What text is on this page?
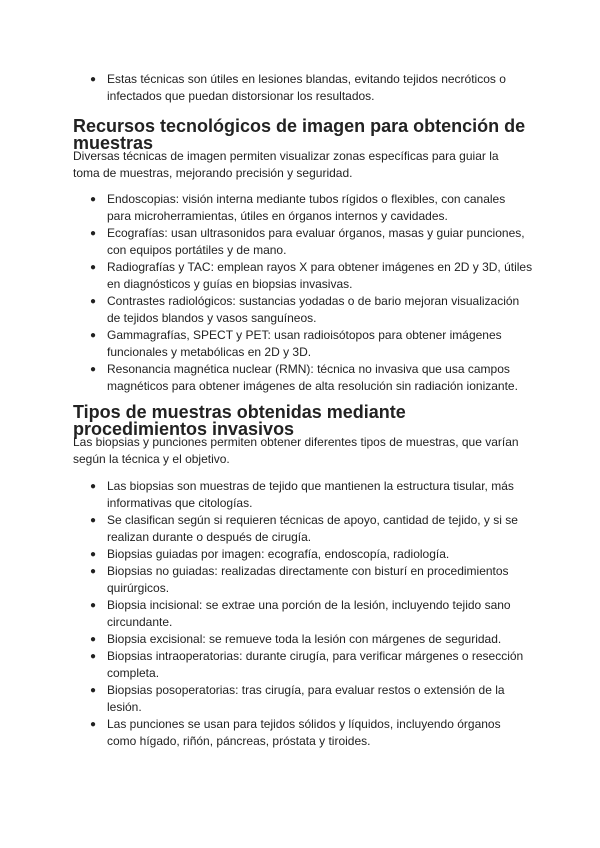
● Estas técnicas son útiles en lesiones blandas, evitando tejidos necróticos o
infectados que puedan distorsionar los resultados.
Recursos tecnológicos de imagen para obtención de muestras

Diversas técnicas de imagen permiten visualizar zonas específicas para guiar la
toma de muestras, mejorando precisión y seguridad.

● Endoscopias: visión interna mediante tubos rígidos o flexibles, con canales
para microherramientas, útiles en órganos internos y cavidades.
● Ecografías: usan ultrasonidos para evaluar órganos, masas y guiar punciones,
con equipos portátiles y de mano.
● Radiografías y TAC: emplean rayos X para obtener imágenes en 2D y 3D, útiles
en diagnósticos y guías en biopsias invasivas.
● Contrastes radiológicos: sustancias yodadas o de bario mejoran visualización
de tejidos blandos y vasos sanguíneos.
● Gammagrafías, SPECT y PET: usan radioisótopos para obtener imágenes
funcionales y metabólicas en 2D y 3D.
● Resonancia magnética nuclear (RMN): técnica no invasiva que usa campos
magnéticos para obtener imágenes de alta resolución sin radiación ionizante.
Tipos de muestras obtenidas mediante procedimientos invasivos

Las biopsias y punciones permiten obtener diferentes tipos de muestras, que varían
según la técnica y el objetivo.

● Las biopsias son muestras de tejido que mantienen la estructura tisular, más
informativas que citologías.
● Se clasifican según si requieren técnicas de apoyo, cantidad de tejido, y si se
realizan durante o después de cirugía.
● Biopsias guiadas por imagen: ecografía, endoscopía, radiología.
● Biopsias no guiadas: realizadas directamente con bisturí en procedimientos
quirúrgicos.
● Biopsia incisional: se extrae una porción de la lesión, incluyendo tejido sano
circundante.
● Biopsia excisional: se remueve toda la lesión con márgenes de seguridad.
● Biopsias intraoperatorias: durante cirugía, para verificar márgenes o resección
completa.
● Biopsias posoperatorias: tras cirugía, para evaluar restos o extensión de la
lesión.
● Las punciones se usan para tejidos sólidos y líquidos, incluyendo órganos
como hígado, riñón, páncreas, próstata y tiroides.
